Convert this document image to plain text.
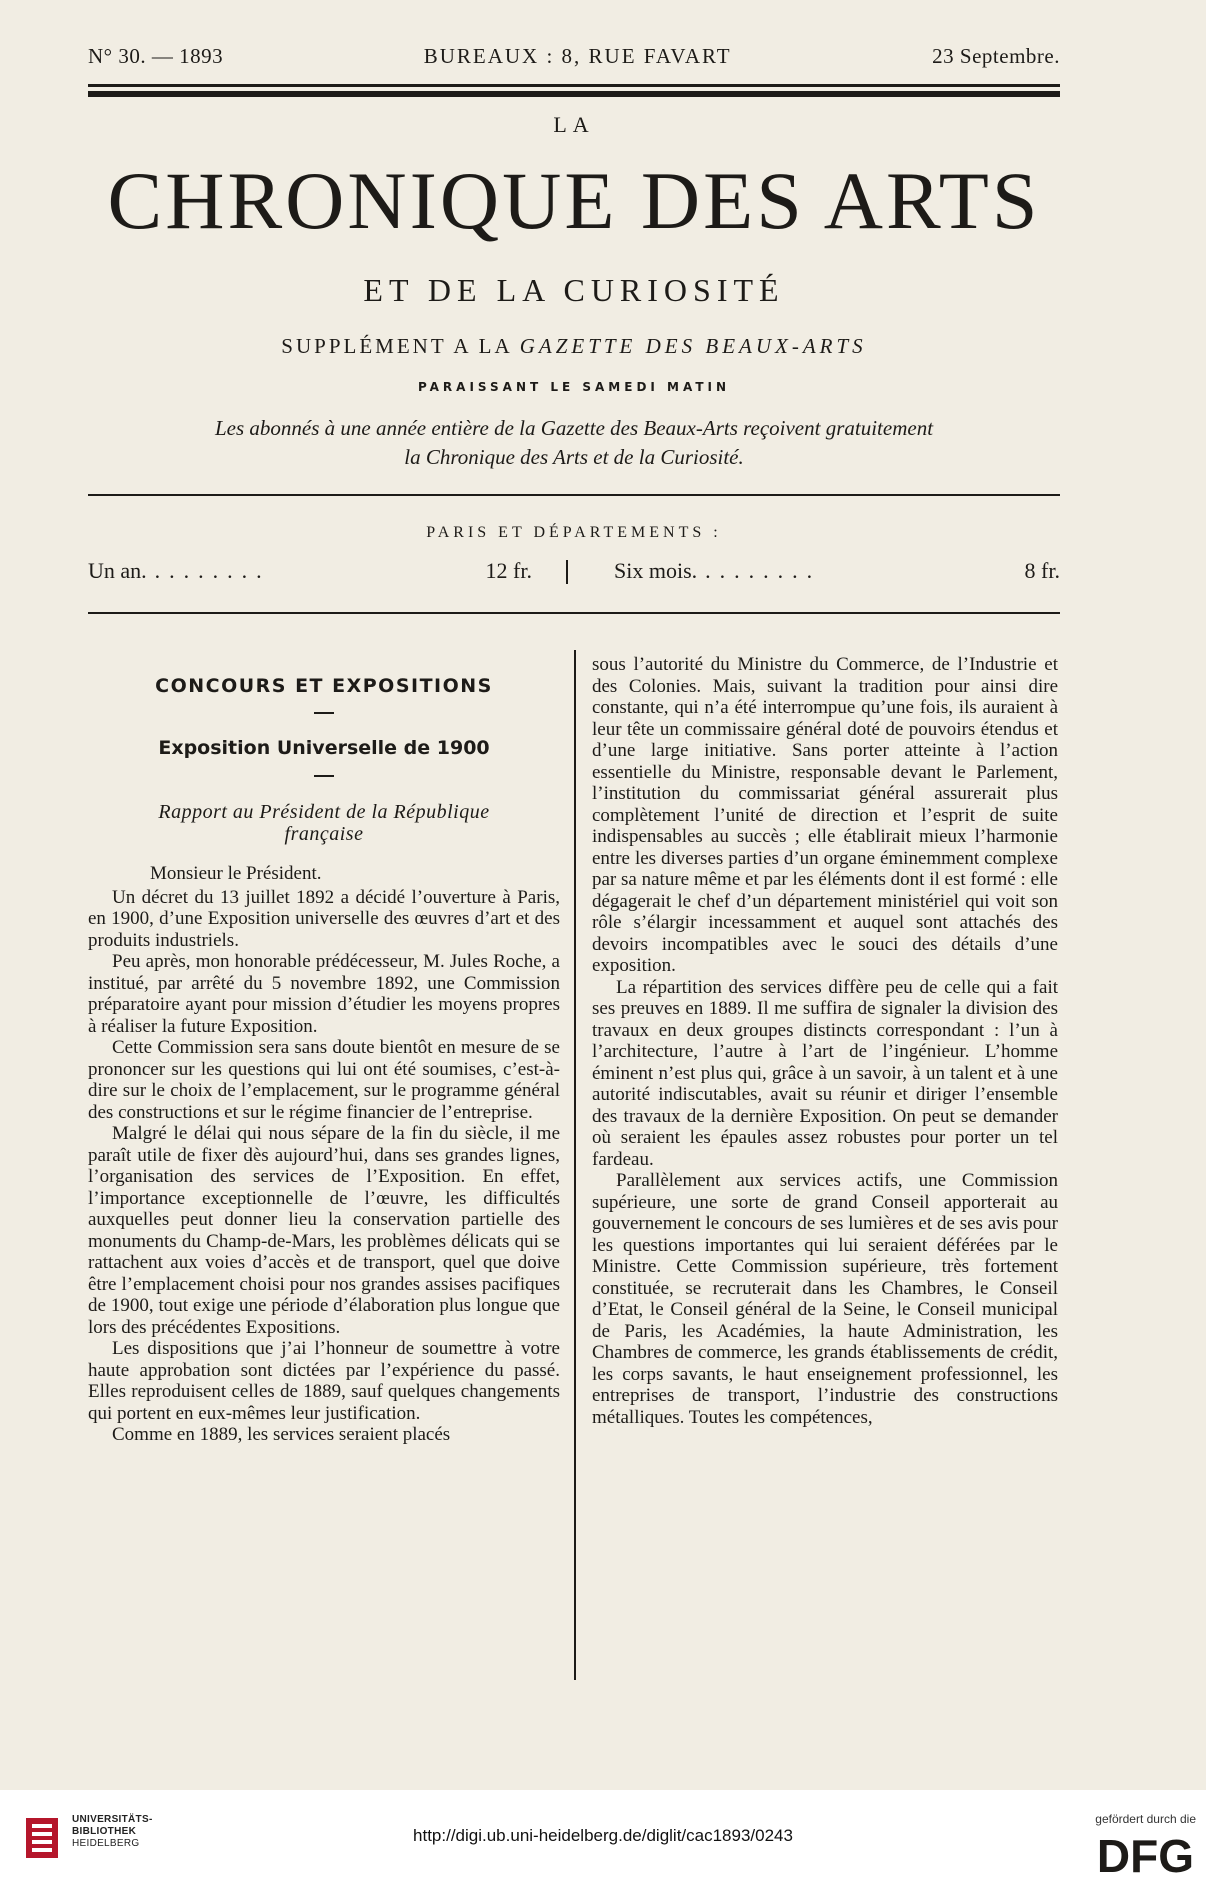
N° 30. — 1893	BUREAUX : 8, RUE FAVART	23 Septembre.
LA
CHRONIQUE DES ARTS
ET DE LA CURIOSITÉ
SUPPLÉMENT A LA GAZETTE DES BEAUX-ARTS
PARAISSANT LE SAMEDI MATIN
Les abonnés à une année entière de la Gazette des Beaux-Arts reçoivent gratuitement
la Chronique des Arts et de la Curiosité.
PARIS ET DÉPARTEMENTS :
Un an. ........	12 fr.	Six mois. ........	8 fr.
CONCOURS ET EXPOSITIONS
Exposition Universelle de 1900
Rapport au Président de la République
française

Monsieur le Président.

Un décret du 13 juillet 1892 a décidé l’ouverture à Paris, en 1900, d’une Exposition universelle des œuvres d’art et des produits industriels.

Peu après, mon honorable prédécesseur, M. Jules Roche, a institué, par arrêté du 5 novembre 1892, une Commission préparatoire ayant pour mission d’étudier les moyens propres à réaliser la future Exposition.

Cette Commission sera sans doute bientôt en mesure de se prononcer sur les questions qui lui ont été soumises, c’est-à-dire sur le choix de l’emplacement, sur le programme général des constructions et sur le régime financier de l’entreprise.

Malgré le délai qui nous sépare de la fin du siècle, il me paraît utile de fixer dès aujourd’hui, dans ses grandes lignes, l’organisation des services de l’Exposition. En effet, l’importance exceptionnelle de l’œuvre, les difficultés auxquelles peut donner lieu la conservation partielle des monuments du Champ-de-Mars, les problèmes délicats qui se rattachent aux voies d’accès et de transport, quel que doive être l’emplacement choisi pour nos grandes assises pacifiques de 1900, tout exige une période d’élaboration plus longue que lors des précédentes Expositions.

Les dispositions que j’ai l’honneur de soumettre à votre haute approbation sont dictées par l’expérience du passé. Elles reproduisent celles de 1889, sauf quelques changements qui portent en eux-mêmes leur justification.

Comme en 1889, les services seraient placés

sous l’autorité du Ministre du Commerce, de l’Industrie et des Colonies. Mais, suivant la tradition pour ainsi dire constante, qui n’a été interrompue qu’une fois, ils auraient à leur tête un commissaire général doté de pouvoirs étendus et d’une large initiative. Sans porter atteinte à l’action essentielle du Ministre, responsable devant le Parlement, l’institution du commissariat général assurerait plus complètement l’unité de direction et l’esprit de suite indispensables au succès ; elle établirait mieux l’harmonie entre les diverses parties d’un organe éminemment complexe par sa nature même et par les éléments dont il est formé : elle dégagerait le chef d’un département ministériel qui voit son rôle s’élargir incessamment et auquel sont attachés des devoirs incompatibles avec le souci des détails d’une exposition.

La répartition des services diffère peu de celle qui a fait ses preuves en 1889. Il me suffira de signaler la division des travaux en deux groupes distincts correspondant : l’un à l’architecture, l’autre à l’art de l’ingénieur. L’homme éminent n’est plus qui, grâce à un savoir, à un talent et à une autorité indiscutables, avait su réunir et diriger l’ensemble des travaux de la dernière Exposition. On peut se demander où seraient les épaules assez robustes pour porter un tel fardeau.

Parallèlement aux services actifs, une Commission supérieure, une sorte de grand Conseil apporterait au gouvernement le concours de ses lumières et de ses avis pour les questions importantes qui lui seraient déférées par le Ministre. Cette Commission supérieure, très fortement constituée, se recruterait dans les Chambres, le Conseil d’Etat, le Conseil général de la Seine, le Conseil municipal de Paris, les Académies, la haute Administration, les Chambres de commerce, les grands établissements de crédit, les corps savants, le haut enseignement professionnel, les entreprises de transport, l’industrie des constructions métalliques. Toutes les compétences,

UNIVERSITÄTS-
BIBLIOTHEK
HEIDELBERG	http://digi.ub.uni-heidelberg.de/diglit/cac1893/0243
gefördert durch die
DFG
